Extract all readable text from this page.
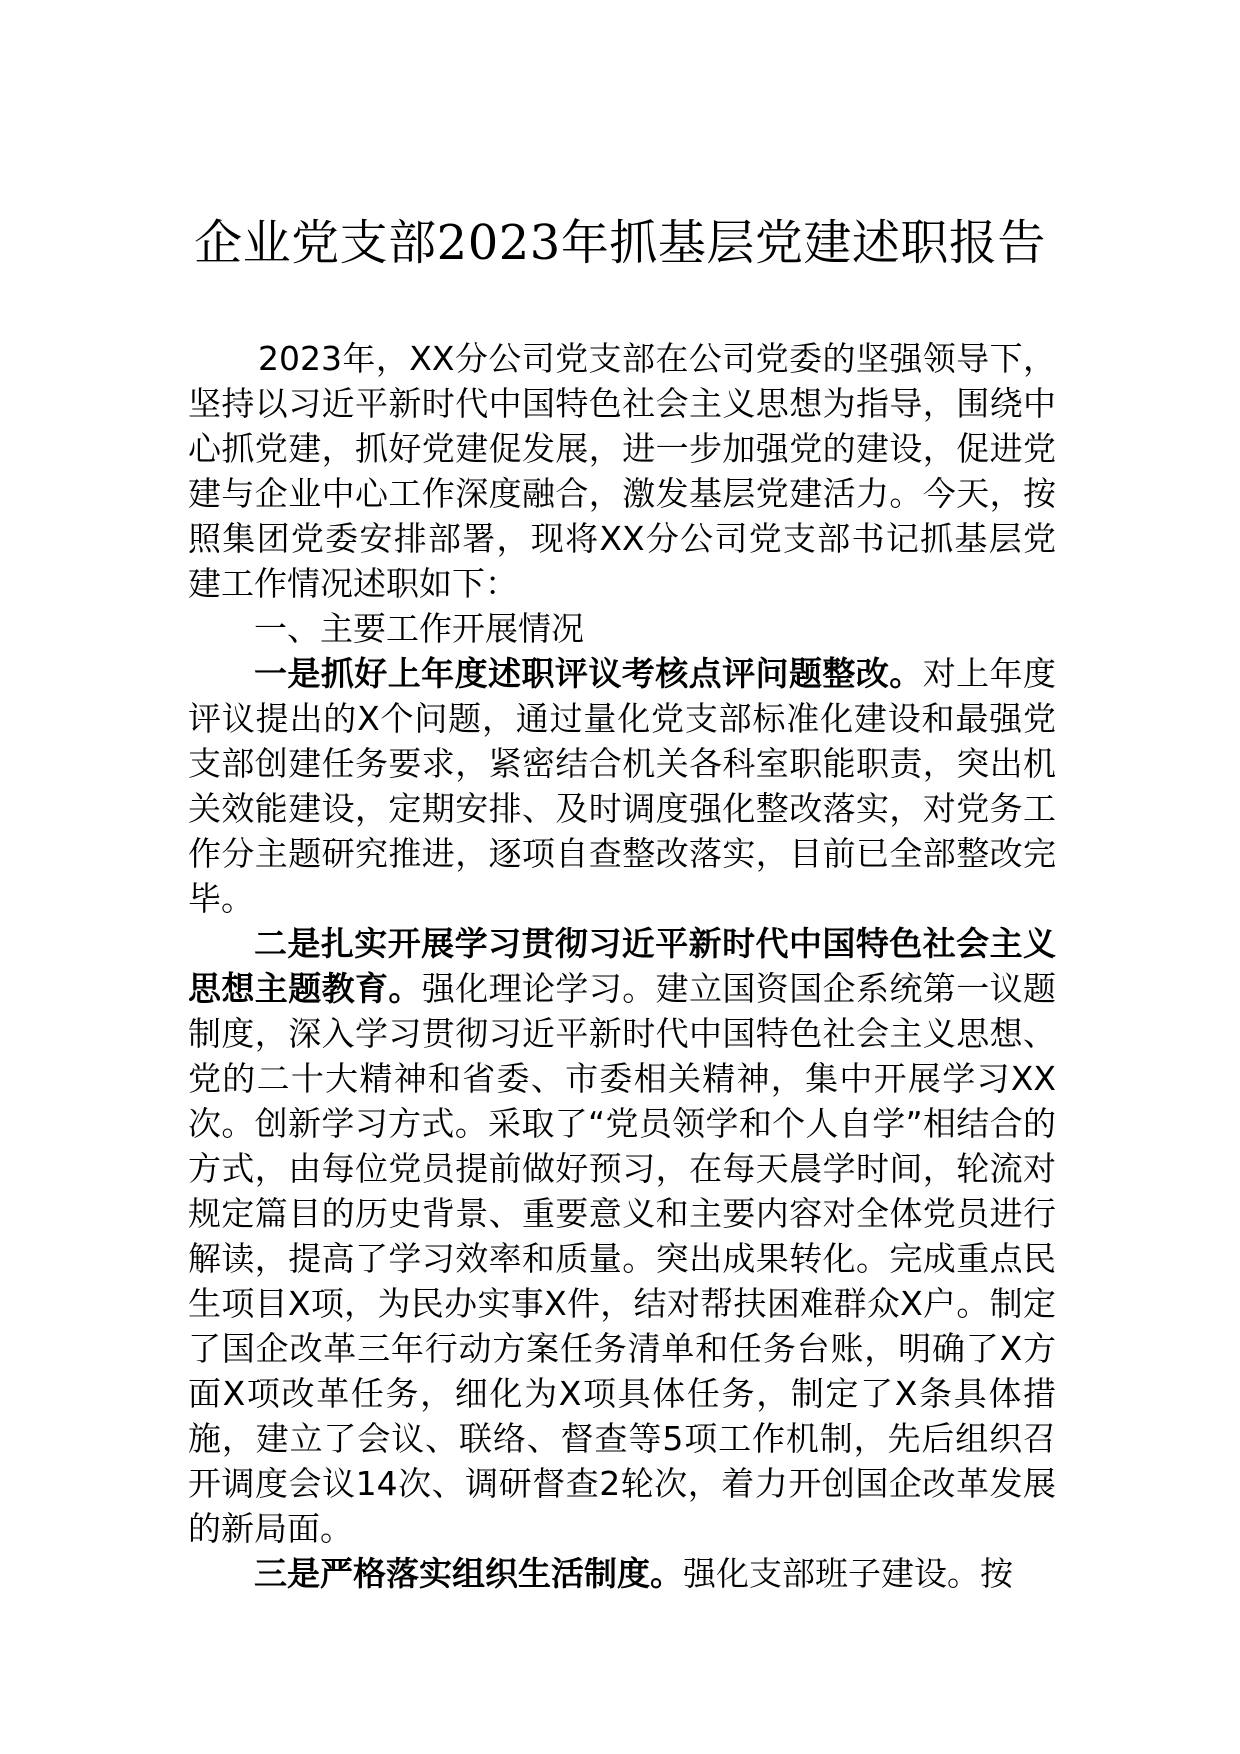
企业党支部2023年抓基层党建述职报告

2023年，XX分公司党支部在公司党委的坚强领导下，坚持以习近平新时代中国特色社会主义思想为指导，围绕中心抓党建，抓好党建促发展，进一步加强党的建设，促进党建与企业中心工作深度融合，激发基层党建活力。今天，按照集团党委安排部署，现将XX分公司党支部书记抓基层党建工作情况述职如下：

一、主要工作开展情况

一是抓好上年度述职评议考核点评问题整改。对上年度评议提出的X个问题，通过量化党支部标准化建设和最强党支部创建任务要求，紧密结合机关各科室职能职责，突出机关效能建设，定期安排、及时调度强化整改落实，对党务工作分主题研究推进，逐项自查整改落实，目前已全部整改完毕。

二是扎实开展学习贯彻习近平新时代中国特色社会主义思想主题教育。强化理论学习。建立国资国企系统第一议题制度，深入学习贯彻习近平新时代中国特色社会主义思想、党的二十大精神和省委、市委相关精神，集中开展学习XX次。创新学习方式。采取了“党员领学和个人自学”相结合的方式，由每位党员提前做好预习，在每天晨学时间，轮流对规定篇目的历史背景、重要意义和主要内容对全体党员进行解读，提高了学习效率和质量。突出成果转化。完成重点民生项目X项，为民办实事X件，结对帮扶困难群众X户。制定了国企改革三年行动方案任务清单和任务台账，明确了X方面X项改革任务，细化为X项具体任务，制定了X条具体措施，建立了会议、联络、督查等5项工作机制，先后组织召开调度会议14次、调研督查2轮次，着力开创国企改革发展的新局面。

三是严格落实组织生活制度。强化支部班子建设。按
